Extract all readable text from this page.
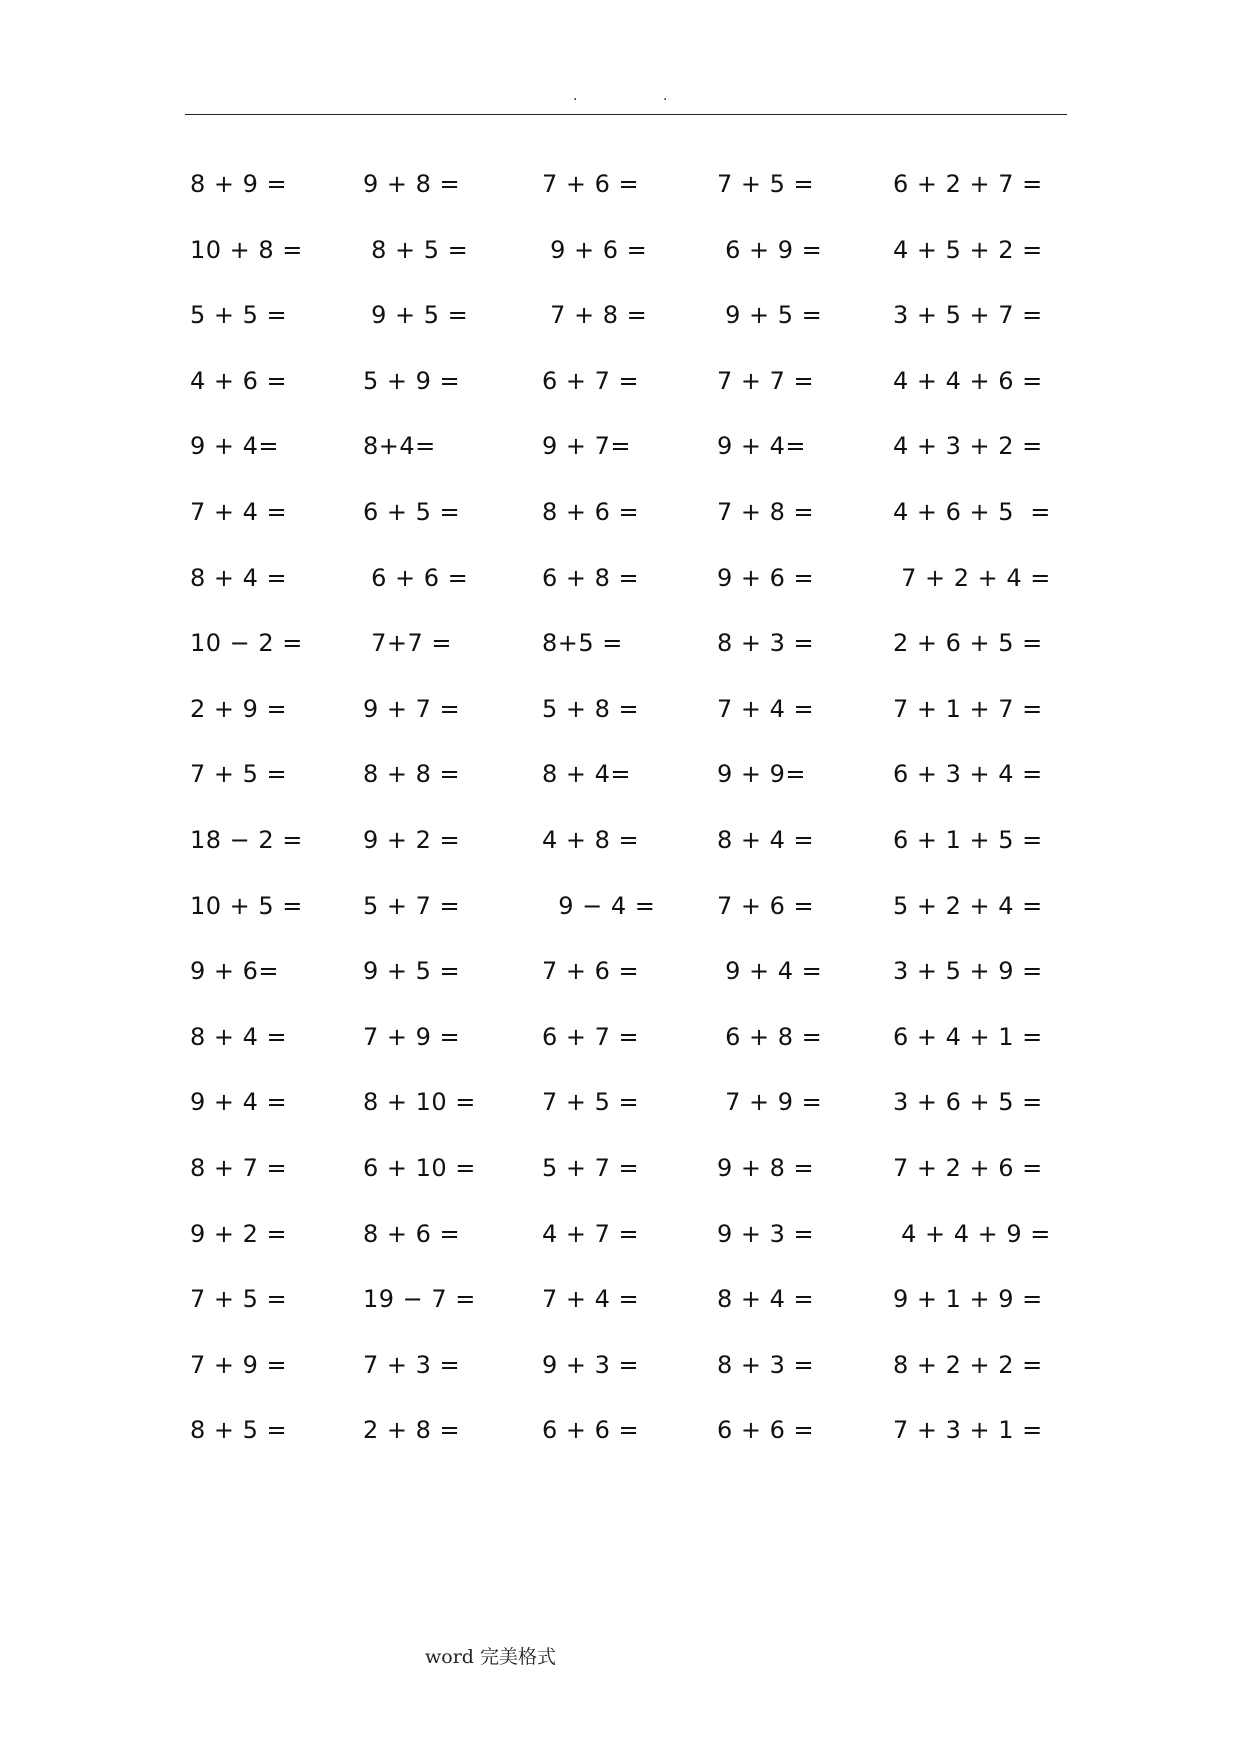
.	.
8 + 9 =	9 + 8 =	7 + 6 =	7 + 5 =	6 + 2 + 7 =
10 + 8 =	8 + 5 =	9 + 6 =	6 + 9 =	4 + 5 + 2 =
5 + 5 =	9 + 5 =	7 + 8 =	9 + 5 =	3 + 5 + 7 =
4 + 6 =	5 + 9 =	6 + 7 =	7 + 7 =	4 + 4 + 6 =
9 + 4=	8+4=	9 + 7=	9 + 4=	4 + 3 + 2 =
7 + 4 =	6 + 5 =	8 + 6 =	7 + 8 =	4 + 6 + 5  =
8 + 4 =	6 + 6 =	6 + 8 =	9 + 6 =	7 + 2 + 4 =
10 − 2 =	7+7 =	8+5 =	8 + 3 =	2 + 6 + 5 =
2 + 9 =	9 + 7 =	5 + 8 =	7 + 4 =	7 + 1 + 7 =
7 + 5 =	8 + 8 =	8 + 4=	9 + 9=	6 + 3 + 4 =
18 − 2 =	9 + 2 =	4 + 8 =	8 + 4 =	6 + 1 + 5 =
10 + 5 =	5 + 7 =	9 − 4 =	7 + 6 =	5 + 2 + 4 =
9 + 6=	9 + 5 =	7 + 6 =	9 + 4 =	3 + 5 + 9 =
8 + 4 =	7 + 9 =	6 + 7 =	6 + 8 =	6 + 4 + 1 =
9 + 4 =	8 + 10 =	7 + 5 =	7 + 9 =	3 + 6 + 5 =
8 + 7 =	6 + 10 =	5 + 7 =	9 + 8 =	7 + 2 + 6 =
9 + 2 =	8 + 6 =	4 + 7 =	9 + 3 =	4 + 4 + 9 =
7 + 5 =	19 − 7 =	7 + 4 =	8 + 4 =	9 + 1 + 9 =
7 + 9 =	7 + 3 =	9 + 3 =	8 + 3 =	8 + 2 + 2 =
8 + 5 =	2 + 8 =	6 + 6 =	6 + 6 =	7 + 3 + 1 =
word 完美格式
